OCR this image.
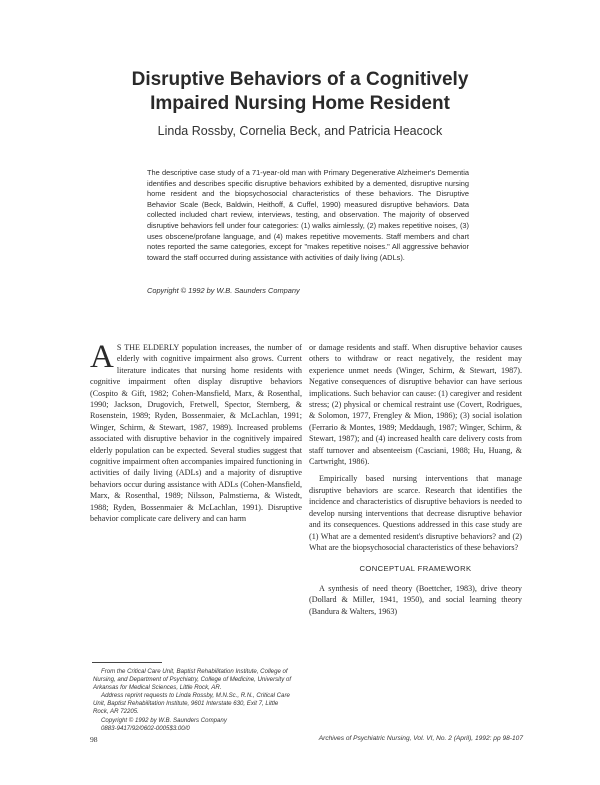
Disruptive Behaviors of a Cognitively
Impaired Nursing Home Resident
Linda Rossby, Cornelia Beck, and Patricia Heacock

The descriptive case study of a 71-year-old man with Primary Degenerative Alzheimer's Dementia identifies and describes specific disruptive behaviors exhibited by a demented, disruptive nursing home resident and the biopsychosocial characteristics of these behaviors. The Disruptive Behavior Scale (Beck, Baldwin, Heithoff, & Cuffel, 1990) measured disruptive behaviors. Data collected included chart review, interviews, testing, and observation. The majority of observed disruptive behaviors fell under four categories: (1) walks aimlessly, (2) makes repetitive noises, (3) uses obscene/profane language, and (4) makes repetitive movements. Staff members and chart notes reported the same categories, except for "makes repetitive noises." All aggressive behavior toward the staff occurred during assistance with activities of daily living (ADLs).

Copyright © 1992 by W.B. Saunders Company

A S THE ELDERLY population increases, the number of elderly with cognitive impairment also grows. Current literature indicates that nursing home residents with cognitive impairment often display disruptive behaviors (Cospito & Gift, 1982; Cohen-Mansfield, Marx, & Rosenthal, 1990; Jackson, Drugovich, Fretwell, Spector, Sternberg, & Rosenstein, 1989; Ryden, Bossenmaier, & McLachlan, 1991; Winger, Schirm, & Stewart, 1987, 1989). Increased problems associated with disruptive behavior in the cognitively impaired elderly population can be expected. Several studies suggest that cognitive impairment often accompanies impaired functioning in activities of daily living (ADLs) and a majority of disruptive behaviors occur during assistance with ADLs (Cohen-Mansfield, Marx, & Rosenthal, 1989; Nilsson, Palmstierna, & Wistedt, 1988; Ryden, Bossenmaier & McLachlan, 1991). Disruptive behavior complicate care delivery and can harm

or damage residents and staff. When disruptive behavior causes others to withdraw or react negatively, the resident may experience unmet needs (Winger, Schirm, & Stewart, 1987). Negative consequences of disruptive behavior can have serious implications. Such behavior can cause: (1) caregiver and resident stress; (2) physical or chemical restraint use (Covert, Rodrigues, & Solomon, 1977, Frengley & Mion, 1986); (3) social isolation (Ferrario & Montes, 1989; Meddaugh, 1987; Winger, Schirm, & Stewart, 1987); and (4) increased health care delivery costs from staff turnover and absenteeism (Casciani, 1988; Hu, Huang, & Cartwright, 1986).

Empirically based nursing interventions that manage disruptive behaviors are scarce. Research that identifies the incidence and characteristics of disruptive behaviors is needed to develop nursing interventions that decrease disruptive behavior and its consequences. Questions addressed in this case study are (1) What are a demented resident's disruptive behaviors? and (2) What are the biopsychosocial characteristics of these behaviors?

CONCEPTUAL FRAMEWORK

A synthesis of need theory (Boettcher, 1983), drive theory (Dollard & Miller, 1941, 1950), and social learning theory (Bandura & Walters, 1963)

From the Critical Care Unit, Baptist Rehabilitation Institute, College of Nursing, and Department of Psychiatry, College of Medicine, University of Arkansas for Medical Sciences, Little Rock, AR.

Address reprint requests to Linda Rossby, M.N.Sc., R.N., Critical Care Unit, Baptist Rehabilitation Institute, 9601 Interstate 630, Exit 7, Little Rock, AR 72205.

Copyright © 1992 by W.B. Saunders Company

0883-9417/92/0602-0005$3.00/0

98	Archives of Psychiatric Nursing, Vol. VI, No. 2 (April), 1992: pp 98-107
